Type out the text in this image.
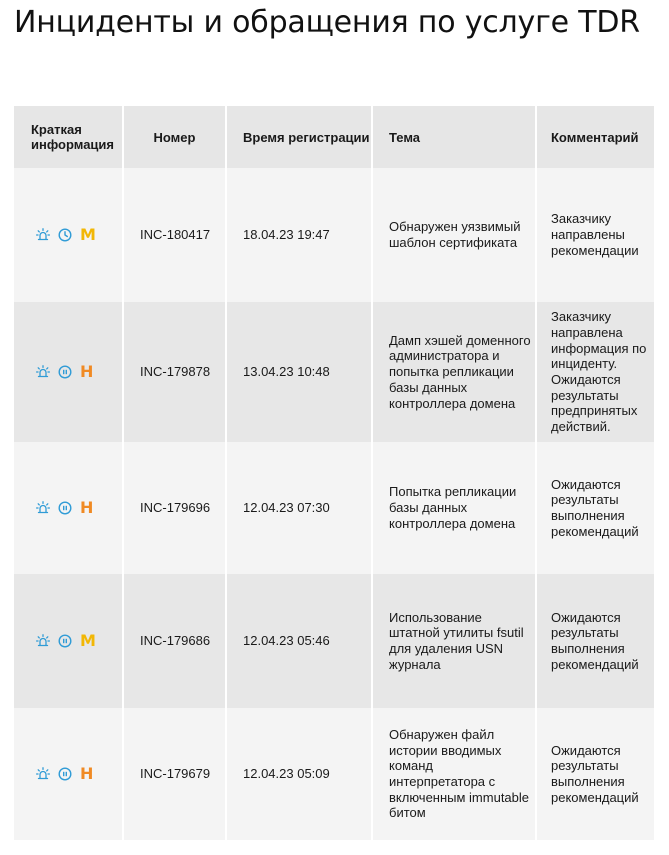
Инциденты и обращения по услуге TDR
Краткая информация	Номер	Время регистрации	Тема	Комментарий

M	INC-180417	18.04.23 19:47	Обнаружен уязвимый шаблон сертификата	Заказчику направлены рекомендации

H	INC-179878	13.04.23 10:48	Дамп хэшей доменного администратора и попытка репликации базы данных контроллера домена	Заказчику направлена информация по инциденту. Ожидаются результаты предпринятых действий.

H	INC-179696	12.04.23 07:30	Попытка репликации базы данных контроллера домена	Ожидаются результаты выполнения рекомендаций

M	INC-179686	12.04.23 05:46	Использование штатной утилиты fsutil для удаления USN журнала	Ожидаются результаты выполнения рекомендаций

H	INC-179679	12.04.23 05:09	Обнаружен файл истории вводимых команд интерпретатора с включенным immutable битом	Ожидаются результаты выполнения рекомендаций
